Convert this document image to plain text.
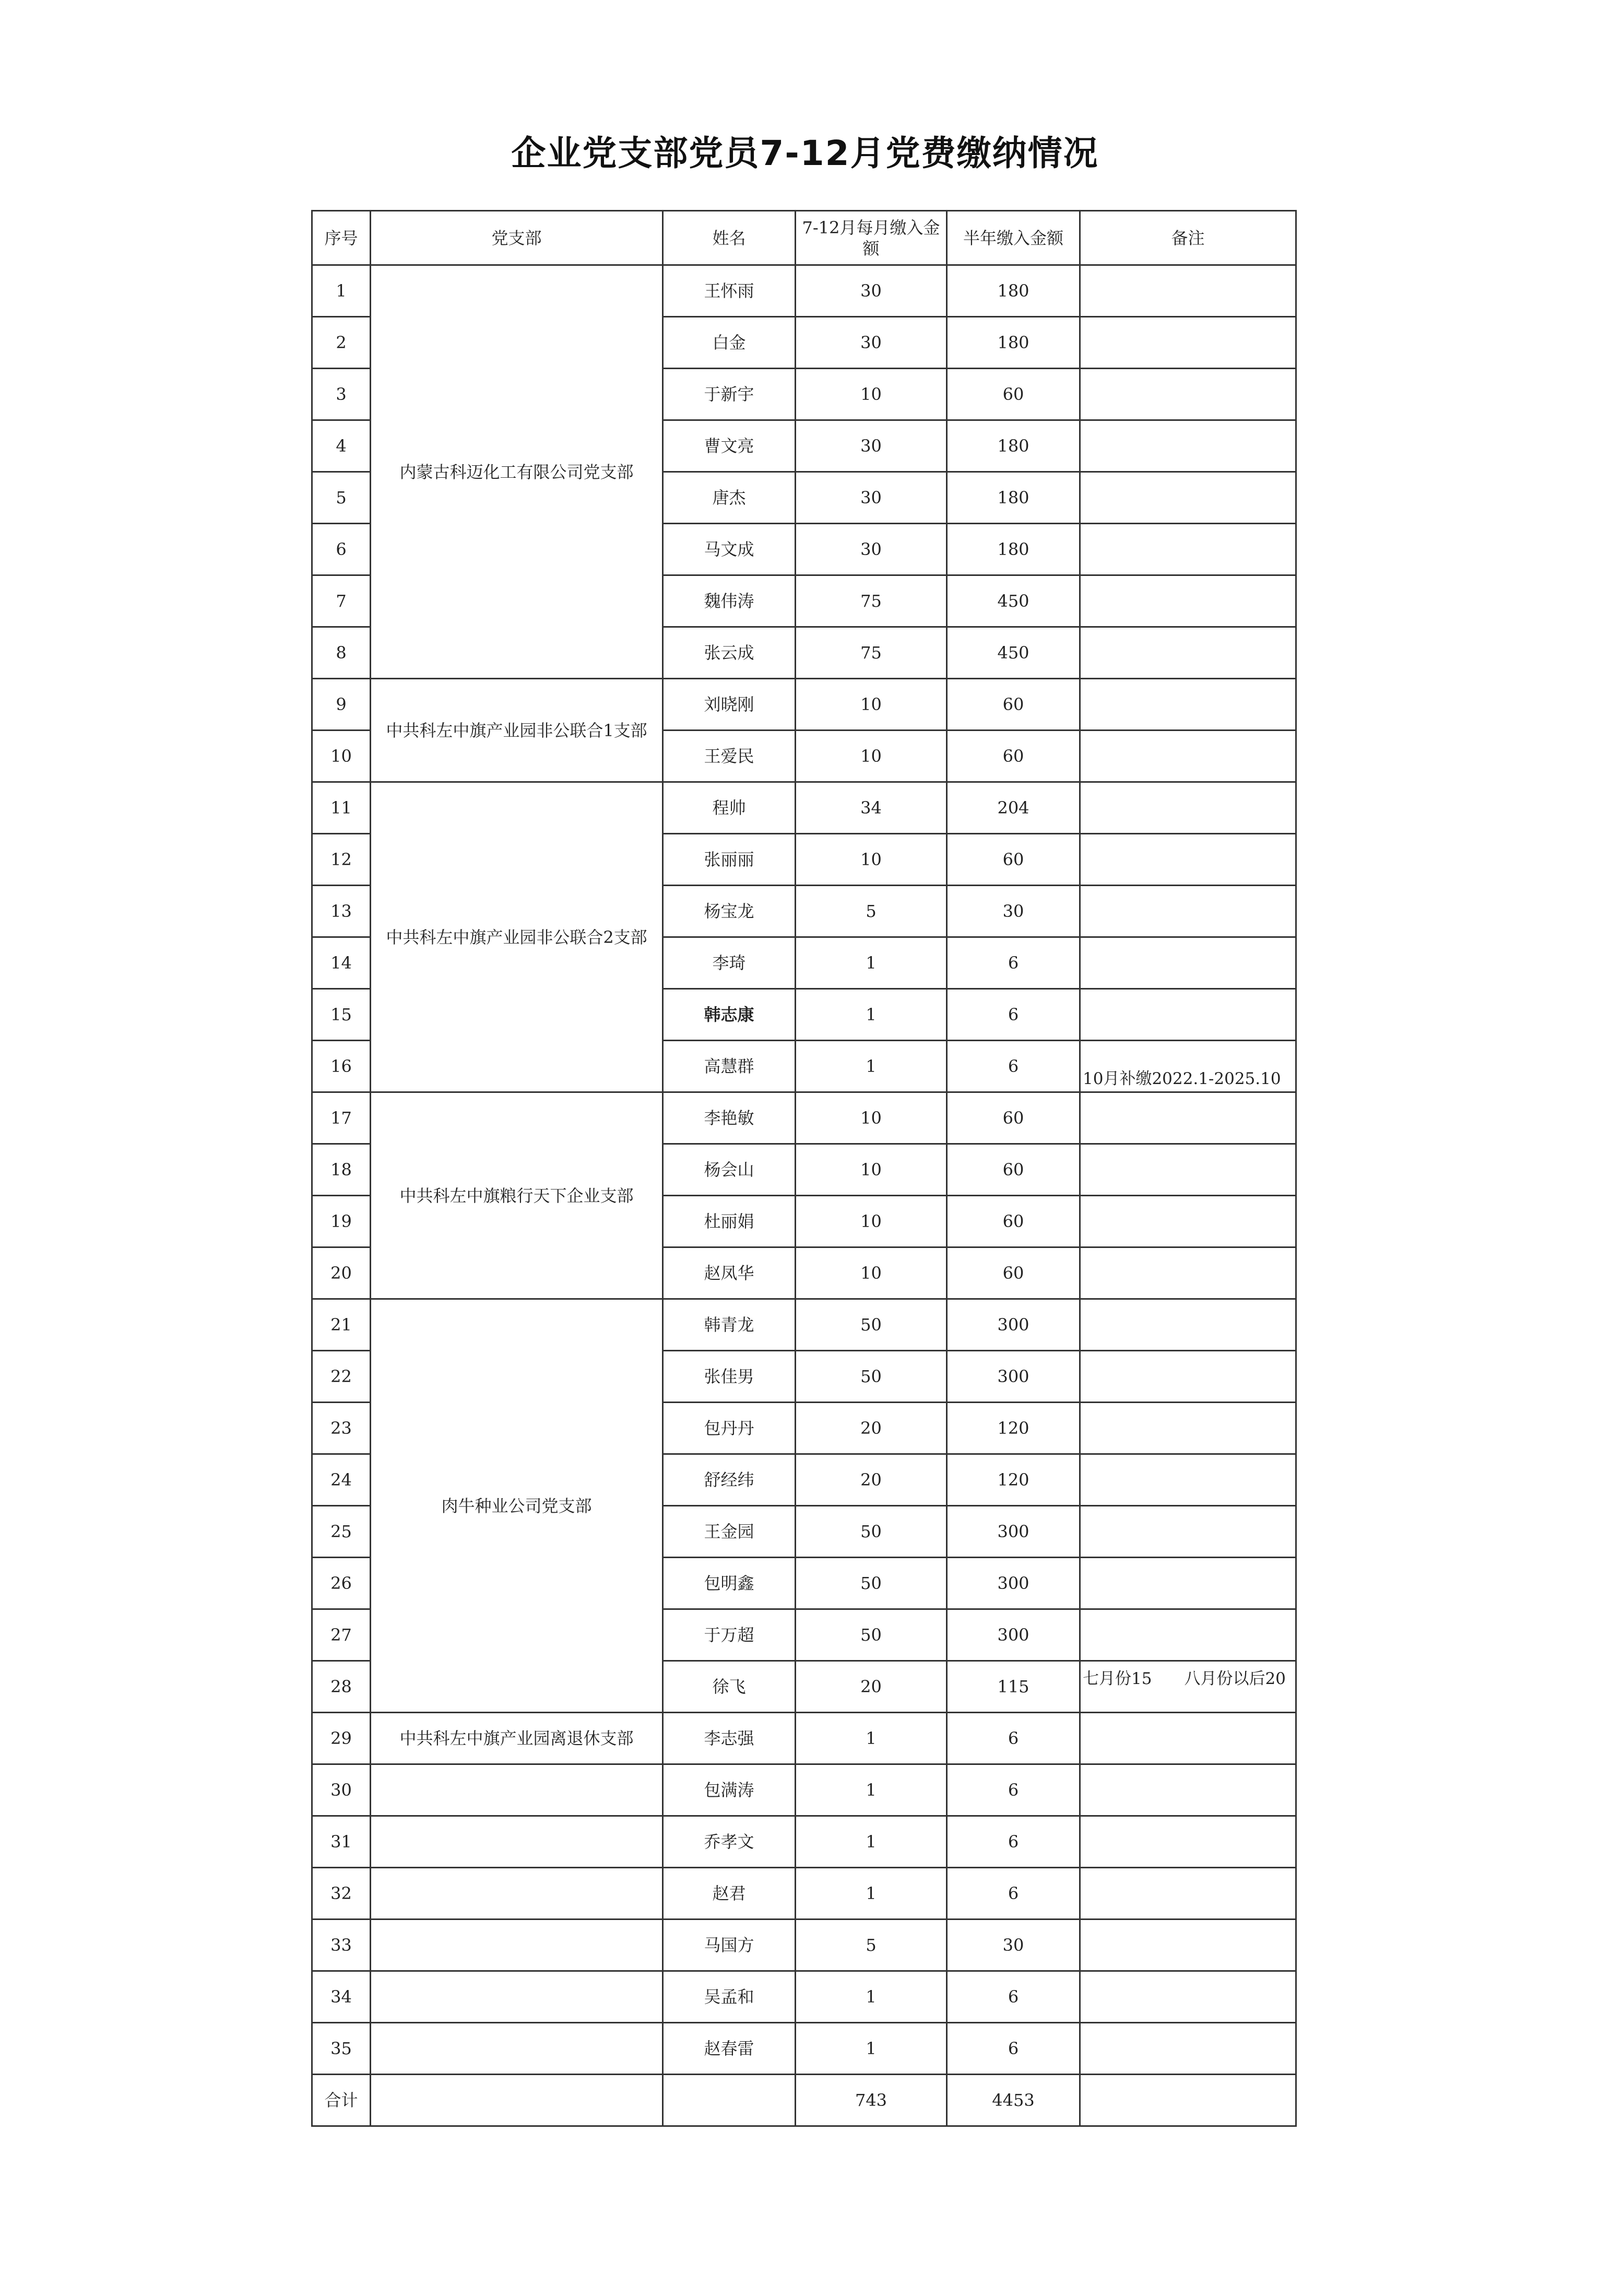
企业党支部党员7-12月党费缴纳情况
序号	党支部	姓名	7-12月每月缴入金额	半年缴入金额	备注
1	内蒙古科迈化工有限公司党支部	王怀雨	30	180	
2		白金	30	180	
3		于新宇	10	60	
4		曹文亮	30	180	
5		唐杰	30	180	
6		马文成	30	180	
7		魏伟涛	75	450	
8		张云成	75	450	
9	中共科左中旗产业园非公联合1支部	刘晓刚	10	60	
10		王爱民	10	60	
11	中共科左中旗产业园非公联合2支部	程帅	34	204	
12		张丽丽	10	60	
13		杨宝龙	5	30	
14		李琦	1	6	
15		韩志康	1	6	
16		高慧群	1	6	10月补缴2022.1-2025.10
17	中共科左中旗粮行天下企业支部	李艳敏	10	60	
18		杨会山	10	60	
19		杜丽娟	10	60	
20		赵凤华	10	60	
21	肉牛种业公司党支部	韩青龙	50	300	
22		张佳男	50	300	
23		包丹丹	20	120	
24		舒经纬	20	120	
25		王金园	50	300	
26		包明鑫	50	300	
27		于万超	50	300	
28		徐飞	20	115	七月份15　　八月份以后20
29	中共科左中旗产业园离退休支部	李志强	1	6	
30		包满涛	1	6	
31		乔孝文	1	6	
32		赵君	1	6	
33		马国方	5	30	
34		吴孟和	1	6	
35		赵春雷	1	6	
合计			743	4453	
